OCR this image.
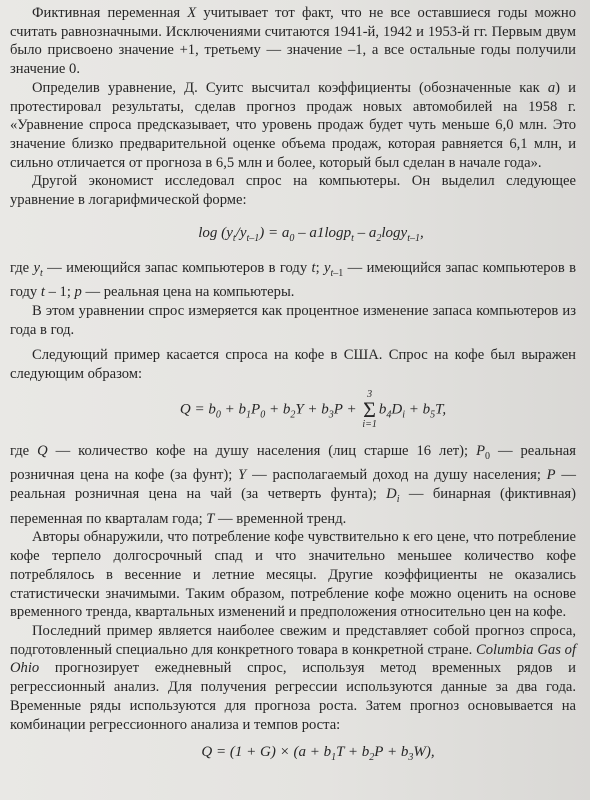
Фиктивная переменная X учитывает тот факт, что не все оставшиеся годы можно считать равнозначными. Исключениями считаются 1941-й, 1942 и 1953-й гг. Первым двум было присвоено значение +1, третьему — значение –1, а все остальные годы получили значение 0.

Определив уравнение, Д. Суитс высчитал коэффициенты (обозначенные как a) и протестировал результаты, сделав прогноз продаж новых автомобилей на 1958 г. «Уравнение спроса предсказывает, что уровень продаж будет чуть меньше 6,0 млн. Это значение близко предварительной оценке объема продаж, которая равняется 6,1 млн, и сильно отличается от прогноза в 6,5 млн и более, который был сделан в начале года».

Другой экономист исследовал спрос на компьютеры. Он выделил следующее уравнение в логарифмической форме:

$\log (y_t/y_{t-1}) = a_0 - a1\log p_t - a_2\log y_{t-1}$,

где $y_t$ — имеющийся запас компьютеров в году t; $y_{t-1}$ — имеющийся запас компьютеров в году t – 1; p — реальная цена на компьютеры.

В этом уравнении спрос измеряется как процентное изменение запаса компьютеров из года в год.

Следующий пример касается спроса на кофе в США. Спрос на кофе был выражен следующим образом:

$Q = b_0 + b_1P_0 + b_2Y + b_3P$ +
3
Σ
i=1
$b_4D_i + b_5T$,

где Q — количество кофе на душу населения (лиц старше 16 лет); $P_0$ — реальная розничная цена на кофе (за фунт); Y — располагаемый доход на душу населения; P — реальная розничная цена на чай (за четверть фунта); $D_i$ — бинарная (фиктивная) переменная по кварталам года; T — временной тренд.

Авторы обнаружили, что потребление кофе чувствительно к его цене, что потребление кофе терпело долгосрочный спад и что значительно меньшее количество кофе потреблялось в весенние и летние месяцы. Другие коэффициенты не оказались статистически значимыми. Таким образом, потребление кофе можно оценить на основе временного тренда, квартальных изменений и предположения относительно цен на кофе.

Последний пример является наиболее свежим и представляет собой прогноз спроса, подготовленный специально для конкретного товара в конкретной стране. Columbia Gas of Ohio прогнозирует ежедневный спрос, используя метод временных рядов и регрессионный анализ. Для получения регрессии используются данные за два года. Временные ряды используются для прогноза роста. Затем прогноз основывается на комбинации регрессионного анализа и темпов роста:

$Q = (1 + G) \times (a + b_1T + b_2P + b_3W)$,
